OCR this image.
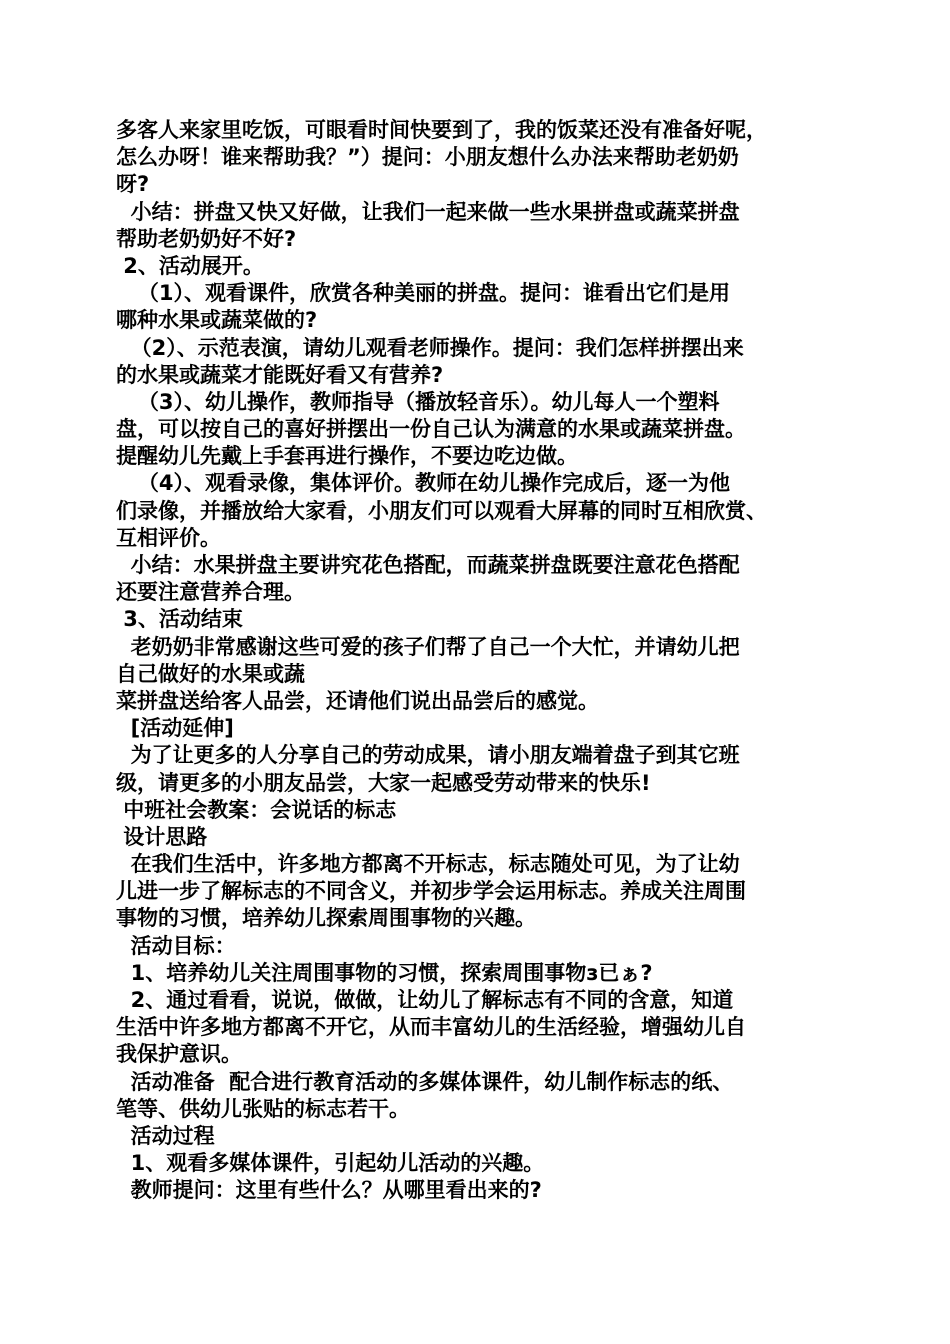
多客人来家里吃饭，可眼看时间快要到了，我的饭菜还没有准备好呢，
怎么办呀！谁来帮助我？”）提问：小朋友想什么办法来帮助老奶奶
呀?
小结：拼盘又快又好做，让我们一起来做一些水果拼盘或蔬菜拼盘
帮助老奶奶好不好?
2、活动展开。
（1）、观看课件，欣赏各种美丽的拼盘。提问：谁看出它们是用
哪种水果或蔬菜做的?
（2）、示范表演，请幼儿观看老师操作。提问：我们怎样拼摆出来
的水果或蔬菜才能既好看又有营养?
（3）、幼儿操作，教师指导（播放轻音乐）。幼儿每人一个塑料
盘，可以按自己的喜好拼摆出一份自己认为满意的水果或蔬菜拼盘。
提醒幼儿先戴上手套再进行操作，不要边吃边做。
（4）、观看录像，集体评价。教师在幼儿操作完成后，逐一为他
们录像，并播放给大家看，小朋友们可以观看大屏幕的同时互相欣赏、
互相评价。
小结：水果拼盘主要讲究花色搭配，而蔬菜拼盘既要注意花色搭配
还要注意营养合理。
3、活动结束
老奶奶非常感谢这些可爱的孩子们帮了自己一个大忙，并请幼儿把
自己做好的水果或蔬
菜拼盘送给客人品尝，还请他们说出品尝后的感觉。
[活动延伸]
为了让更多的人分享自己的劳动成果，请小朋友端着盘子到其它班
级，请更多的小朋友品尝，大家一起感受劳动带来的快乐!
中班社会教案：会说话的标志
设计思路
在我们生活中，许多地方都离不开标志，标志随处可见，为了让幼
儿进一步了解标志的不同含义，并初步学会运用标志。养成关注周围
事物的习惯，培养幼儿探索周围事物的兴趣。
活动目标：
1、培养幼儿关注周围事物的习惯，探索周围事物з已ぁ?
2、通过看看，说说，做做，让幼儿了解标志有不同的含意，知道
生活中许多地方都离不开它，从而丰富幼儿的生活经验，增强幼儿自
我保护意识。
活动准备  配合进行教育活动的多媒体课件，幼儿制作标志的纸、
笔等、供幼儿张贴的标志若干。
活动过程
1、观看多媒体课件，引起幼儿活动的兴趣。
教师提问：这里有些什么？从哪里看出来的?
